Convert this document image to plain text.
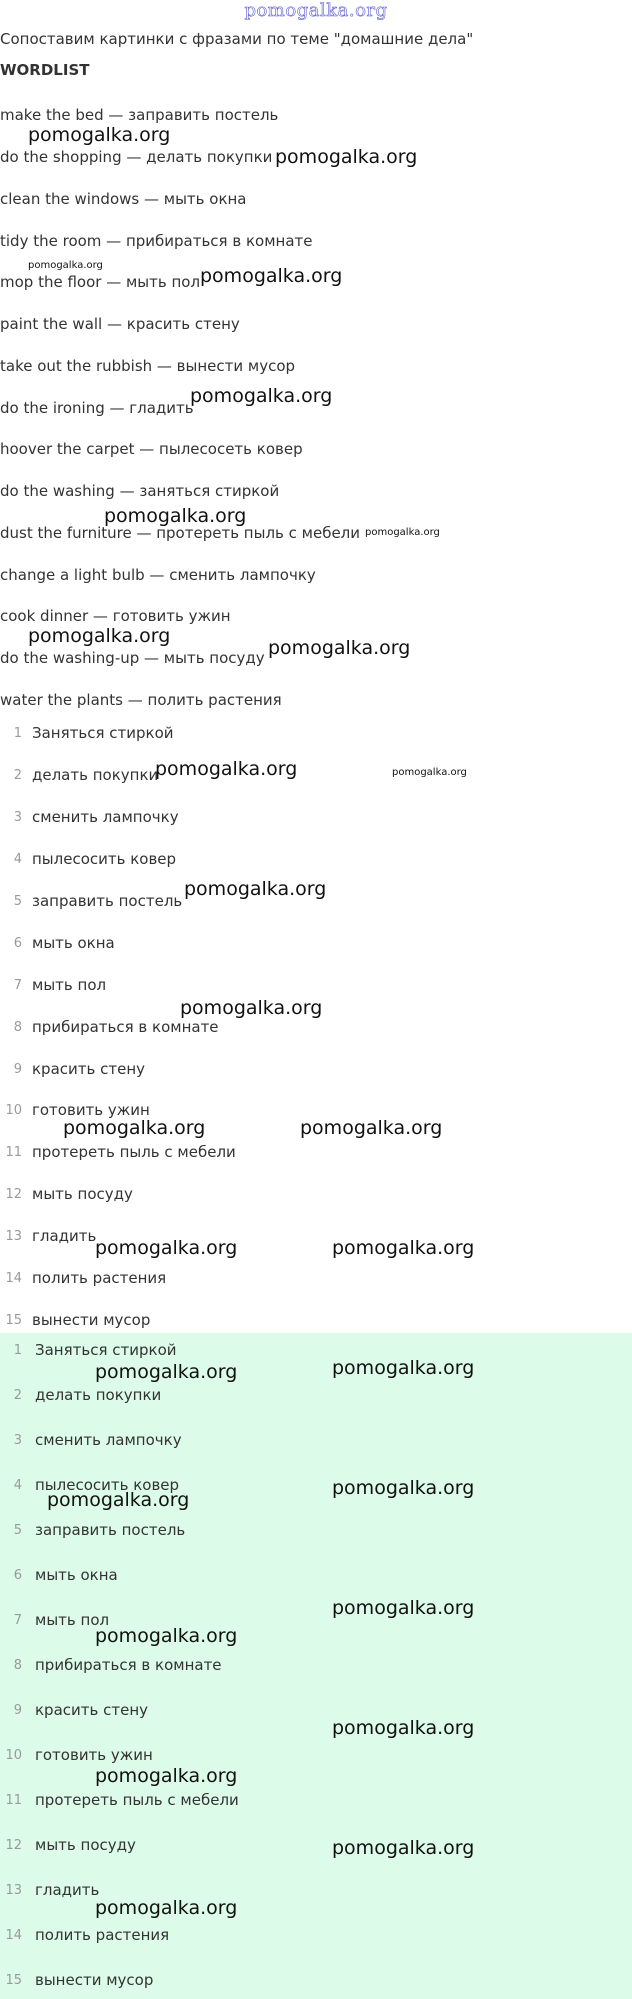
pomogalka.org
Сопоставим картинки с фразами по теме "домашние дела"
WORDLIST
make the bed — заправить постель
do the shopping — делать покупки
clean the windows — мыть окна
tidy the room — прибираться в комнате
mop the floor — мыть пол
paint the wall — красить стену
take out the rubbish — вынести мусор
do the ironing — гладить
hoover the carpet — пылесосеть ковер
do the washing — заняться стиркой
dust the furniture — протереть пыль с мебели
change a light bulb — сменить лампочку
cook dinner — готовить ужин
do the washing-up — мыть посуду
water the plants — полить растения
1 Заняться стиркой
2 делать покупки
3 сменить лампочку
4 пылесосить ковер
5 заправить постель
6 мыть окна
7 мыть пол
8 прибираться в комнате
9 красить стену
10 готовить ужин
11 протереть пыль с мебели
12 мыть посуду
13 гладить
14 полить растения
15 вынести мусор
1 Заняться стиркой
2 делать покупки
3 сменить лампочку
4 пылесосить ковер
5 заправить постель
6 мыть окна
7 мыть пол
8 прибираться в комнате
9 красить стену
10 готовить ужин
11 протереть пыль с мебели
12 мыть посуду
13 гладить
14 полить растения
15 вынести мусор
pomogalka.org
pomogalka.org
pomogalka.org	pomogalka.org
pomogalka.org
pomogalka.org
pomogalka.org
pomogalka.org
pomogalka.org
pomogalka.org	pomogalka.org
pomogalka.org
pomogalka.org
pomogalka.org	pomogalka.org
pomogalka.org	pomogalka.org
pomogalka.org	pomogalka.org
pomogalka.org
pomogalka.org
pomogalka.org
pomogalka.org
pomogalka.org
pomogalka.org
pomogalka.org
pomogalka.org
